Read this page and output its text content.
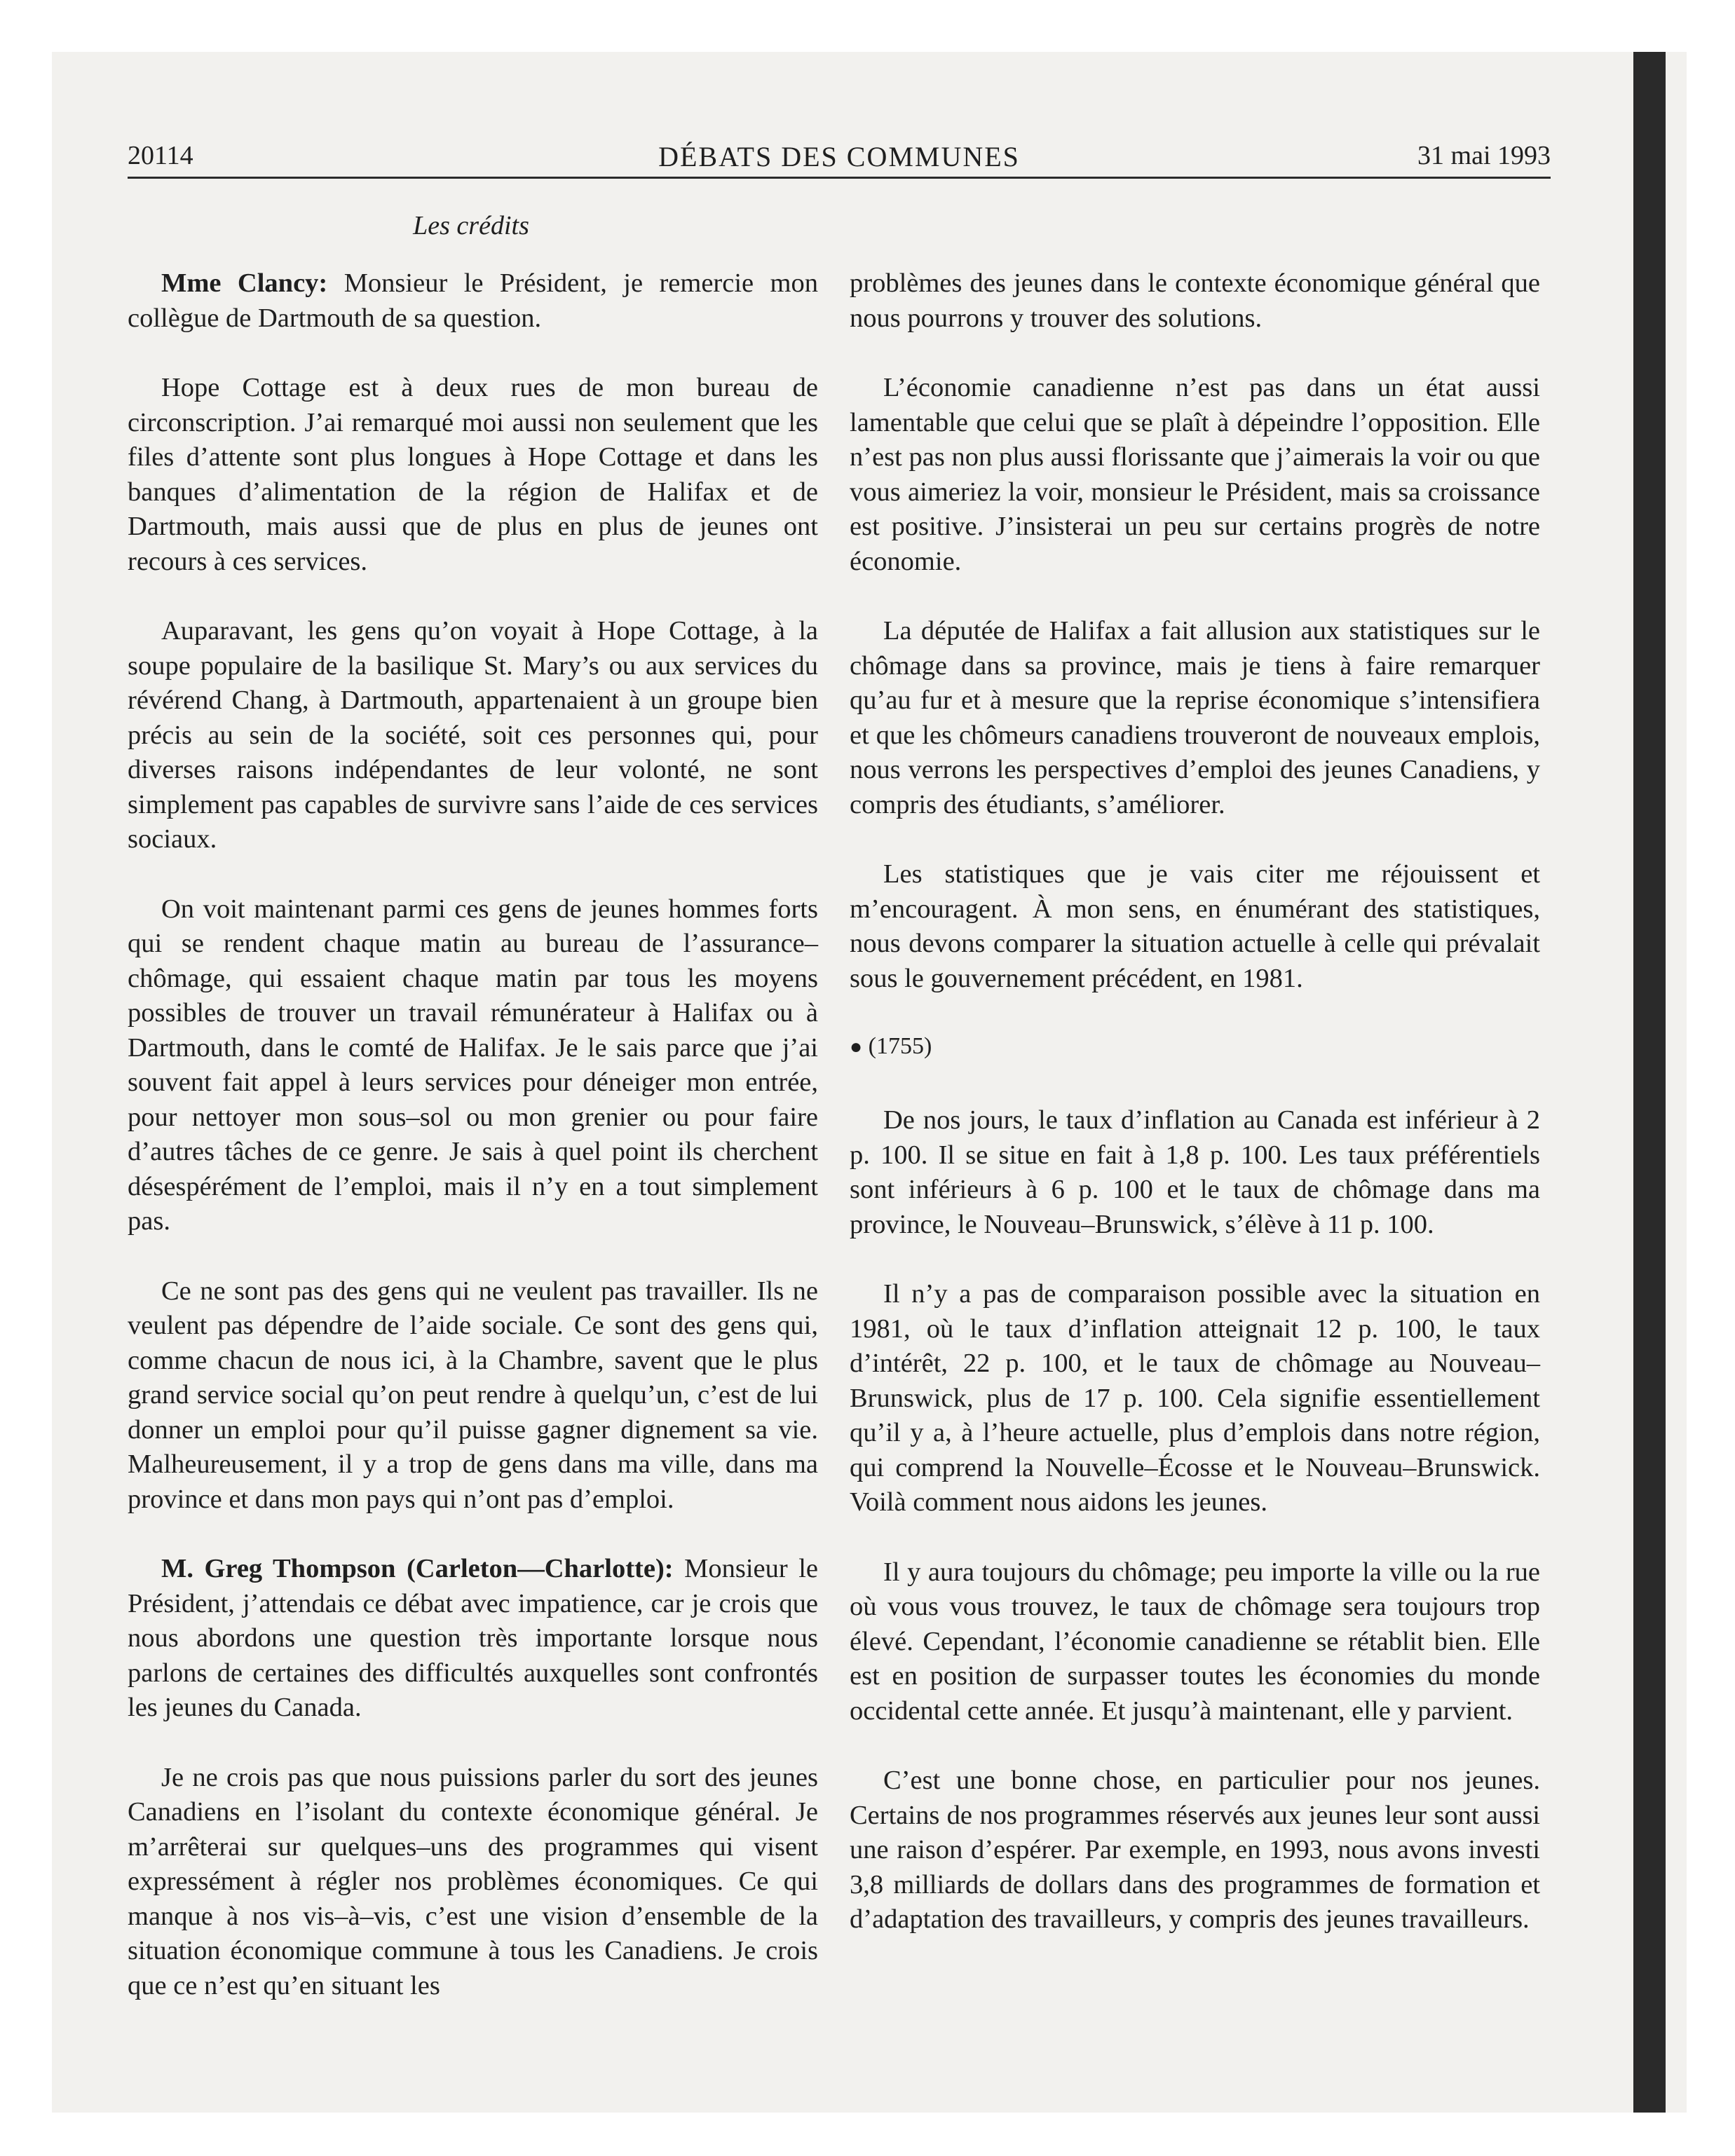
20114	DÉBATS DES COMMUNES	31 mai 1993
Les crédits

Mme Clancy: Monsieur le Président, je remercie mon collègue de Dartmouth de sa question.

Hope Cottage est à deux rues de mon bureau de circonscription. J’ai remarqué moi aussi non seulement que les files d’attente sont plus longues à Hope Cottage et dans les banques d’alimentation de la région de Halifax et de Dartmouth, mais aussi que de plus en plus de jeunes ont recours à ces services.

Auparavant, les gens qu’on voyait à Hope Cottage, à la soupe populaire de la basilique St. Mary’s ou aux services du révérend Chang, à Dartmouth, appartenaient à un groupe bien précis au sein de la société, soit ces personnes qui, pour diverses raisons indépendantes de leur volonté, ne sont simplement pas capables de survivre sans l’aide de ces services sociaux.

On voit maintenant parmi ces gens de jeunes hommes forts qui se rendent chaque matin au bureau de l’assurance–chômage, qui essaient chaque matin par tous les moyens possibles de trouver un travail rémunérateur à Halifax ou à Dartmouth, dans le comté de Halifax. Je le sais parce que j’ai souvent fait appel à leurs services pour déneiger mon entrée, pour nettoyer mon sous–sol ou mon grenier ou pour faire d’autres tâches de ce genre. Je sais à quel point ils cherchent désespérément de l’emploi, mais il n’y en a tout simplement pas.

Ce ne sont pas des gens qui ne veulent pas travailler. Ils ne veulent pas dépendre de l’aide sociale. Ce sont des gens qui, comme chacun de nous ici, à la Chambre, savent que le plus grand service social qu’on peut rendre à quelqu’un, c’est de lui donner un emploi pour qu’il puisse gagner dignement sa vie. Malheureusement, il y a trop de gens dans ma ville, dans ma province et dans mon pays qui n’ont pas d’emploi.

M. Greg Thompson (Carleton—Charlotte): Monsieur le Président, j’attendais ce débat avec impatience, car je crois que nous abordons une question très importante lorsque nous parlons de certaines des difficultés auxquelles sont confrontés les jeunes du Canada.

Je ne crois pas que nous puissions parler du sort des jeunes Canadiens en l’isolant du contexte économique général. Je m’arrêterai sur quelques–uns des programmes qui visent expressément à régler nos problèmes économiques. Ce qui manque à nos vis–à–vis, c’est une vision d’ensemble de la situation économique commune à tous les Canadiens. Je crois que ce n’est qu’en situant les

problèmes des jeunes dans le contexte économique général que nous pourrons y trouver des solutions.

L’économie canadienne n’est pas dans un état aussi lamentable que celui que se plaît à dépeindre l’opposition. Elle n’est pas non plus aussi florissante que j’aimerais la voir ou que vous aimeriez la voir, monsieur le Président, mais sa croissance est positive. J’insisterai un peu sur certains progrès de notre économie.

La députée de Halifax a fait allusion aux statistiques sur le chômage dans sa province, mais je tiens à faire remarquer qu’au fur et à mesure que la reprise économique s’intensifiera et que les chômeurs canadiens trouveront de nouveaux emplois, nous verrons les perspectives d’emploi des jeunes Canadiens, y compris des étudiants, s’améliorer.

Les statistiques que je vais citer me réjouissent et m’encouragent. À mon sens, en énumérant des statistiques, nous devons comparer la situation actuelle à celle qui prévalait sous le gouvernement précédent, en 1981.

● (1755)

De nos jours, le taux d’inflation au Canada est inférieur à 2 p. 100. Il se situe en fait à 1,8 p. 100. Les taux préférentiels sont inférieurs à 6 p. 100 et le taux de chômage dans ma province, le Nouveau–Brunswick, s’élève à 11 p. 100.

Il n’y a pas de comparaison possible avec la situation en 1981, où le taux d’inflation atteignait 12 p. 100, le taux d’intérêt, 22 p. 100, et le taux de chômage au Nouveau–Brunswick, plus de 17 p. 100. Cela signifie essentiellement qu’il y a, à l’heure actuelle, plus d’emplois dans notre région, qui comprend la Nouvelle–Écosse et le Nouveau–Brunswick. Voilà comment nous aidons les jeunes.

Il y aura toujours du chômage; peu importe la ville ou la rue où vous vous trouvez, le taux de chômage sera toujours trop élevé. Cependant, l’économie canadienne se rétablit bien. Elle est en position de surpasser toutes les économies du monde occidental cette année. Et jusqu’à maintenant, elle y parvient.

C’est une bonne chose, en particulier pour nos jeunes. Certains de nos programmes réservés aux jeunes leur sont aussi une raison d’espérer. Par exemple, en 1993, nous avons investi 3,8 milliards de dollars dans des programmes de formation et d’adaptation des travailleurs, y compris des jeunes travailleurs.
